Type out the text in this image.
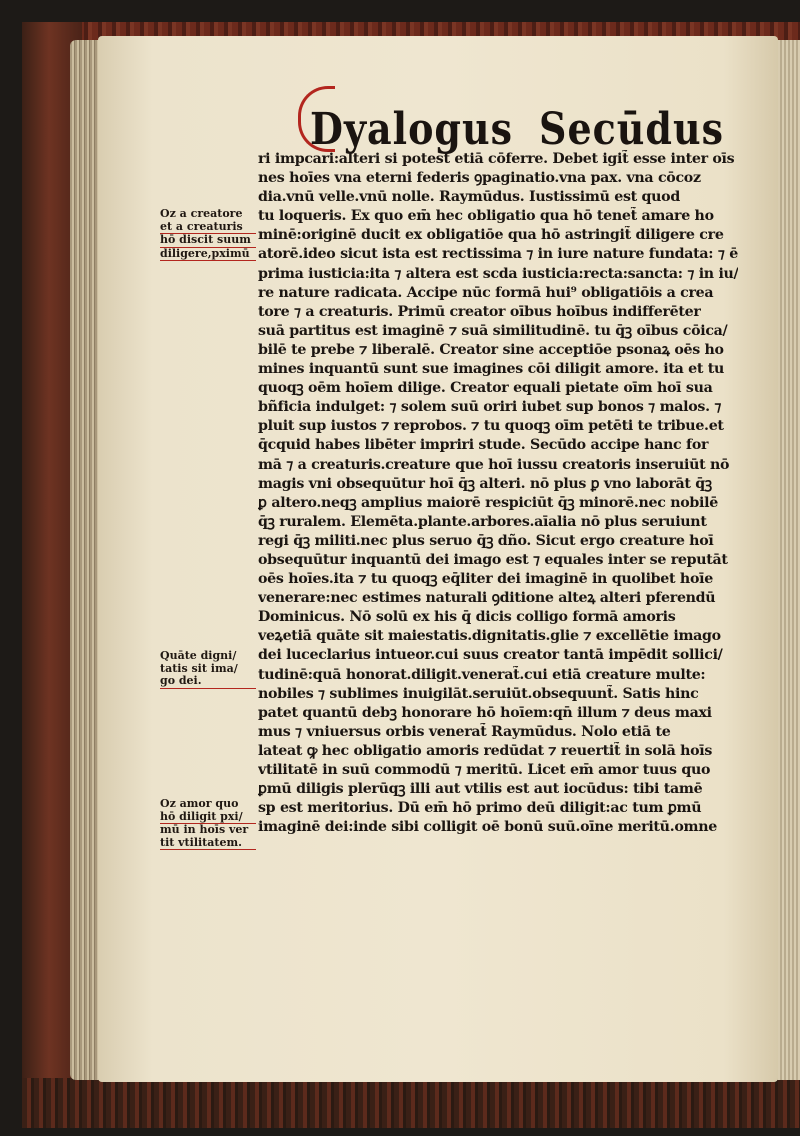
Dyalogus Secūdus
Oz a creatore
et a creaturis
hō discit suum
diligere,pximū
Quāte digni/
tatis sit ima/
go dei.
Oz amor quo
hō diligit pxi/
mū in hoīs ver
tit vtilitatem.
ri impcari:alteri si potest etiā cōferre. Debet igit̃ esse inter oīs
nes hoīes vna eterni federis ꝯpaginatio.vna pax. vna cōcoz
dia.vnū velle.vnū nolle. Raymūdus. Iustissimū est quod
tu loqueris. Ex quo em̄ hec obligatio qua hō tenet̃ amare ho
minē:originē ducit ex obligatiōe qua hō astringit̃ diligere cre
atorē.ideo sicut ista est rectissima ⁊ in iure nature fundata: ⁊ ē
prima iusticia:ita ⁊ altera est scda iusticia:recta:sancta: ⁊ in iu/
re nature radicata. Accipe nūc formā hui⁹ obligatiōis a crea
tore ⁊ a creaturis. Primū creator oībus hoībus indifferēter
suā partitus est imaginē ⁊ suā similitudinē. tu q̄ꝫ oībus cōica/
bilē te prebe ⁊ liberalē. Creator sine acceptiōe psonaꝝ oēs ho
mines inquantū sunt sue imagines cōi diligit amore. ita et tu
quoqꝫ oēm hoīem dilige. Creator equali pietate oīm hoī sua
bñficia indulget: ⁊ solem suū oriri iubet sup bonos ⁊ malos. ⁊
pluit sup iustos ⁊ reprobos. ⁊ tu quoqꝫ oīm petēti te tribue.et
q̄cquid habes libēter impriri stude. Secūdo accipe hanc for
mā ⁊ a creaturis.creature que hoī iussu creatoris inseruiūt nō
magis vni obsequūtur hoī q̄ꝫ alteri. nō plus ꝑ vno laborāt q̄ꝫ
ꝑ altero.neqꝫ amplius maiorē respiciūt q̄ꝫ minorē.nec nobilē
q̄ꝫ ruralem. Elemēta.plante.arbores.aīalia nō plus seruiunt
regi q̄ꝫ militi.nec plus seruo q̄ꝫ dño. Sicut ergo creature hoī
obsequūtur inquantū dei imago est ⁊ equales inter se reputāt
oēs hoīes.ita ⁊ tu quoqꝫ eq̄liter dei imaginē in quolibet hoīe
venerare:nec estimes naturali ꝯditione alteꝝ alteri pferendū
Dominicus. Nō solū ex his q̄ dicis colligo formā amoris
veꝝetiā quāte sit maiestatis.dignitatis.glie ⁊ excellētie imago
dei luceclarius intueor.cui suus creator tantā impēdit sollici/
tudinē:quā honorat.diligit.venerat̃.cui etiā creature multe:
nobiles ⁊ sublimes inuigilāt.seruiūt.obsequunt̃. Satis hinc
patet quantū debꝫ honorare hō hoīem:qn̄ illum ⁊ deus maxi
mus ⁊ vniuersus orbis venerat̃ Raymūdus. Nolo etiā te
lateat ꝙ hec obligatio amoris redūdat ⁊ reuertit̃ in solā hoīs
vtilitatē in suū commodū ⁊ meritū. Licet em̄ amor tuus quo
ꝑmū diligis plerūqꝫ illi aut vtilis est aut iocūdus: tibi tamē
sp est meritorius. Dū em̄ hō primo deū diligit:ac tum ꝑmū
imaginē dei:inde sibi colligit oē bonū suū.oīne meritū.omne
